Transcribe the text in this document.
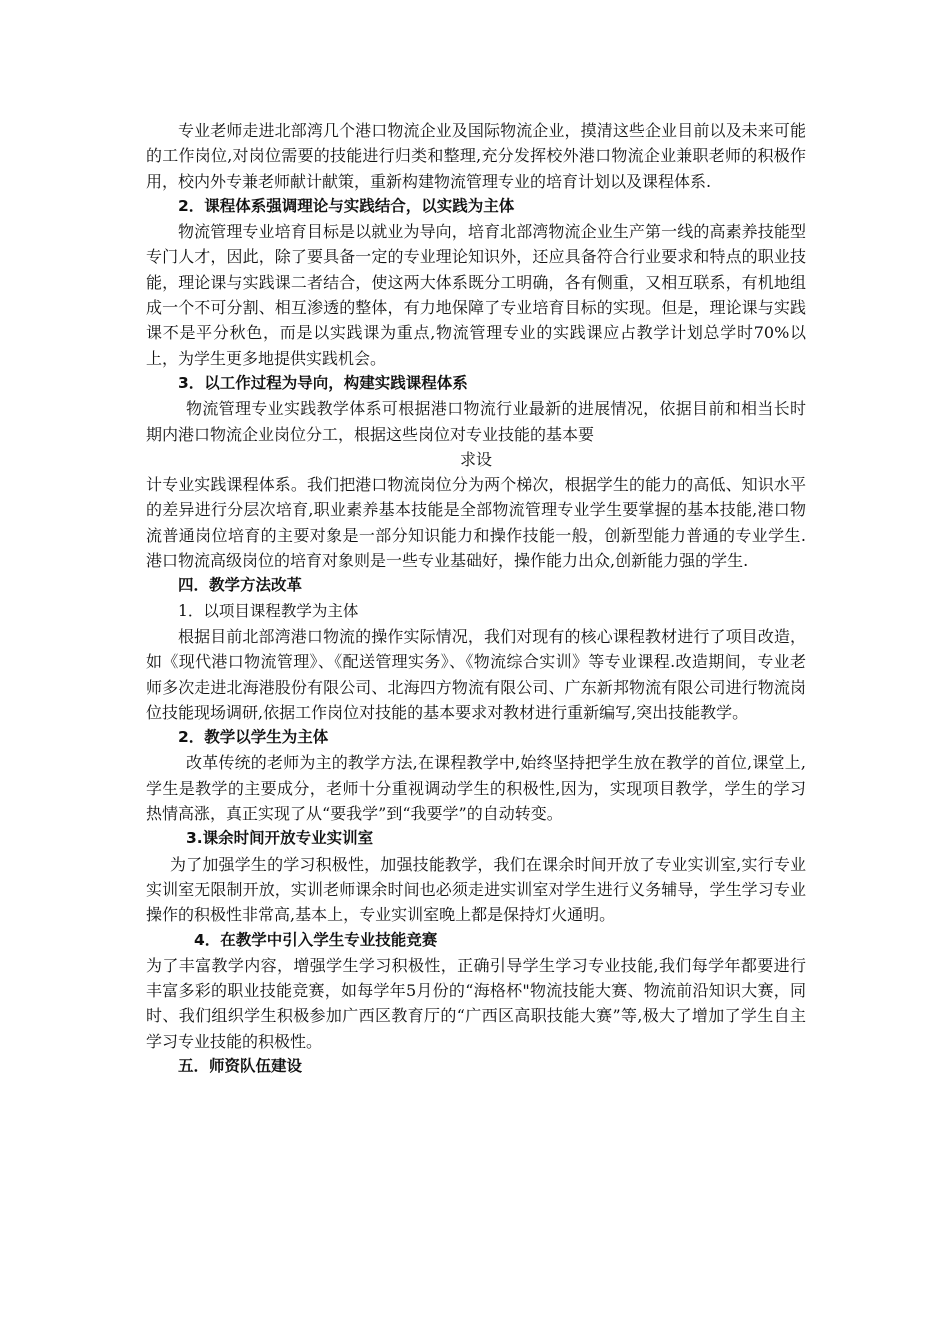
专业老师走进北部湾几个港口物流企业及国际物流企业，摸清这些企业目前以及未来可能的工作岗位,对岗位需要的技能进行归类和整理,充分发挥校外港口物流企业兼职老师的积极作用，校内外专兼老师献计献策，重新构建物流管理专业的培育计划以及课程体系.

2．课程体系强调理论与实践结合，以实践为主体

物流管理专业培育目标是以就业为导向，培育北部湾物流企业生产第一线的高素养技能型专门人才，因此，除了要具备一定的专业理论知识外，还应具备符合行业要求和特点的职业技能，理论课与实践课二者结合，使这两大体系既分工明确，各有侧重，又相互联系，有机地组成一个不可分割、相互渗透的整体，有力地保障了专业培育目标的实现。但是，理论课与实践课不是平分秋色，而是以实践课为重点,物流管理专业的实践课应占教学计划总学时70%以上，为学生更多地提供实践机会。

3．以工作过程为导向，构建实践课程体系

物流管理专业实践教学体系可根据港口物流行业最新的进展情况，依据目前和相当长时期内港口物流企业岗位分工，根据这些岗位对专业技能的基本要

求设

计专业实践课程体系。我们把港口物流岗位分为两个梯次，根据学生的能力的高低、知识水平的差异进行分层次培育,职业素养基本技能是全部物流管理专业学生要掌握的基本技能,港口物流普通岗位培育的主要对象是一部分知识能力和操作技能一般，创新型能力普通的专业学生.港口物流高级岗位的培育对象则是一些专业基础好，操作能力出众,创新能力强的学生.

四．教学方法改革

1．以项目课程教学为主体

根据目前北部湾港口物流的操作实际情况，我们对现有的核心课程教材进行了项目改造，如《现代港口物流管理》、《配送管理实务》、《物流综合实训》等专业课程.改造期间，专业老师多次走进北海港股份有限公司、北海四方物流有限公司、广东新邦物流有限公司进行物流岗位技能现场调研,依据工作岗位对技能的基本要求对教材进行重新编写,突出技能教学。

2．教学以学生为主体

改革传统的老师为主的教学方法,在课程教学中,始终坚持把学生放在教学的首位,课堂上,学生是教学的主要成分，老师十分重视调动学生的积极性,因为，实现项目教学，学生的学习热情高涨，真正实现了从“要我学”到“我要学”的自动转变。

3.课余时间开放专业实训室

为了加强学生的学习积极性，加强技能教学，我们在课余时间开放了专业实训室,实行专业实训室无限制开放，实训老师课余时间也必须走进实训室对学生进行义务辅导，学生学习专业操作的积极性非常高,基本上，专业实训室晚上都是保持灯火通明。

4．在教学中引入学生专业技能竞赛

为了丰富教学内容，增强学生学习积极性，正确引导学生学习专业技能,我们每学年都要进行丰富多彩的职业技能竞赛，如每学年5月份的“海格杯"物流技能大赛、物流前沿知识大赛，同时、我们组织学生积极参加广西区教育厅的“广西区高职技能大赛”等,极大了增加了学生自主学习专业技能的积极性。

五．师资队伍建设
